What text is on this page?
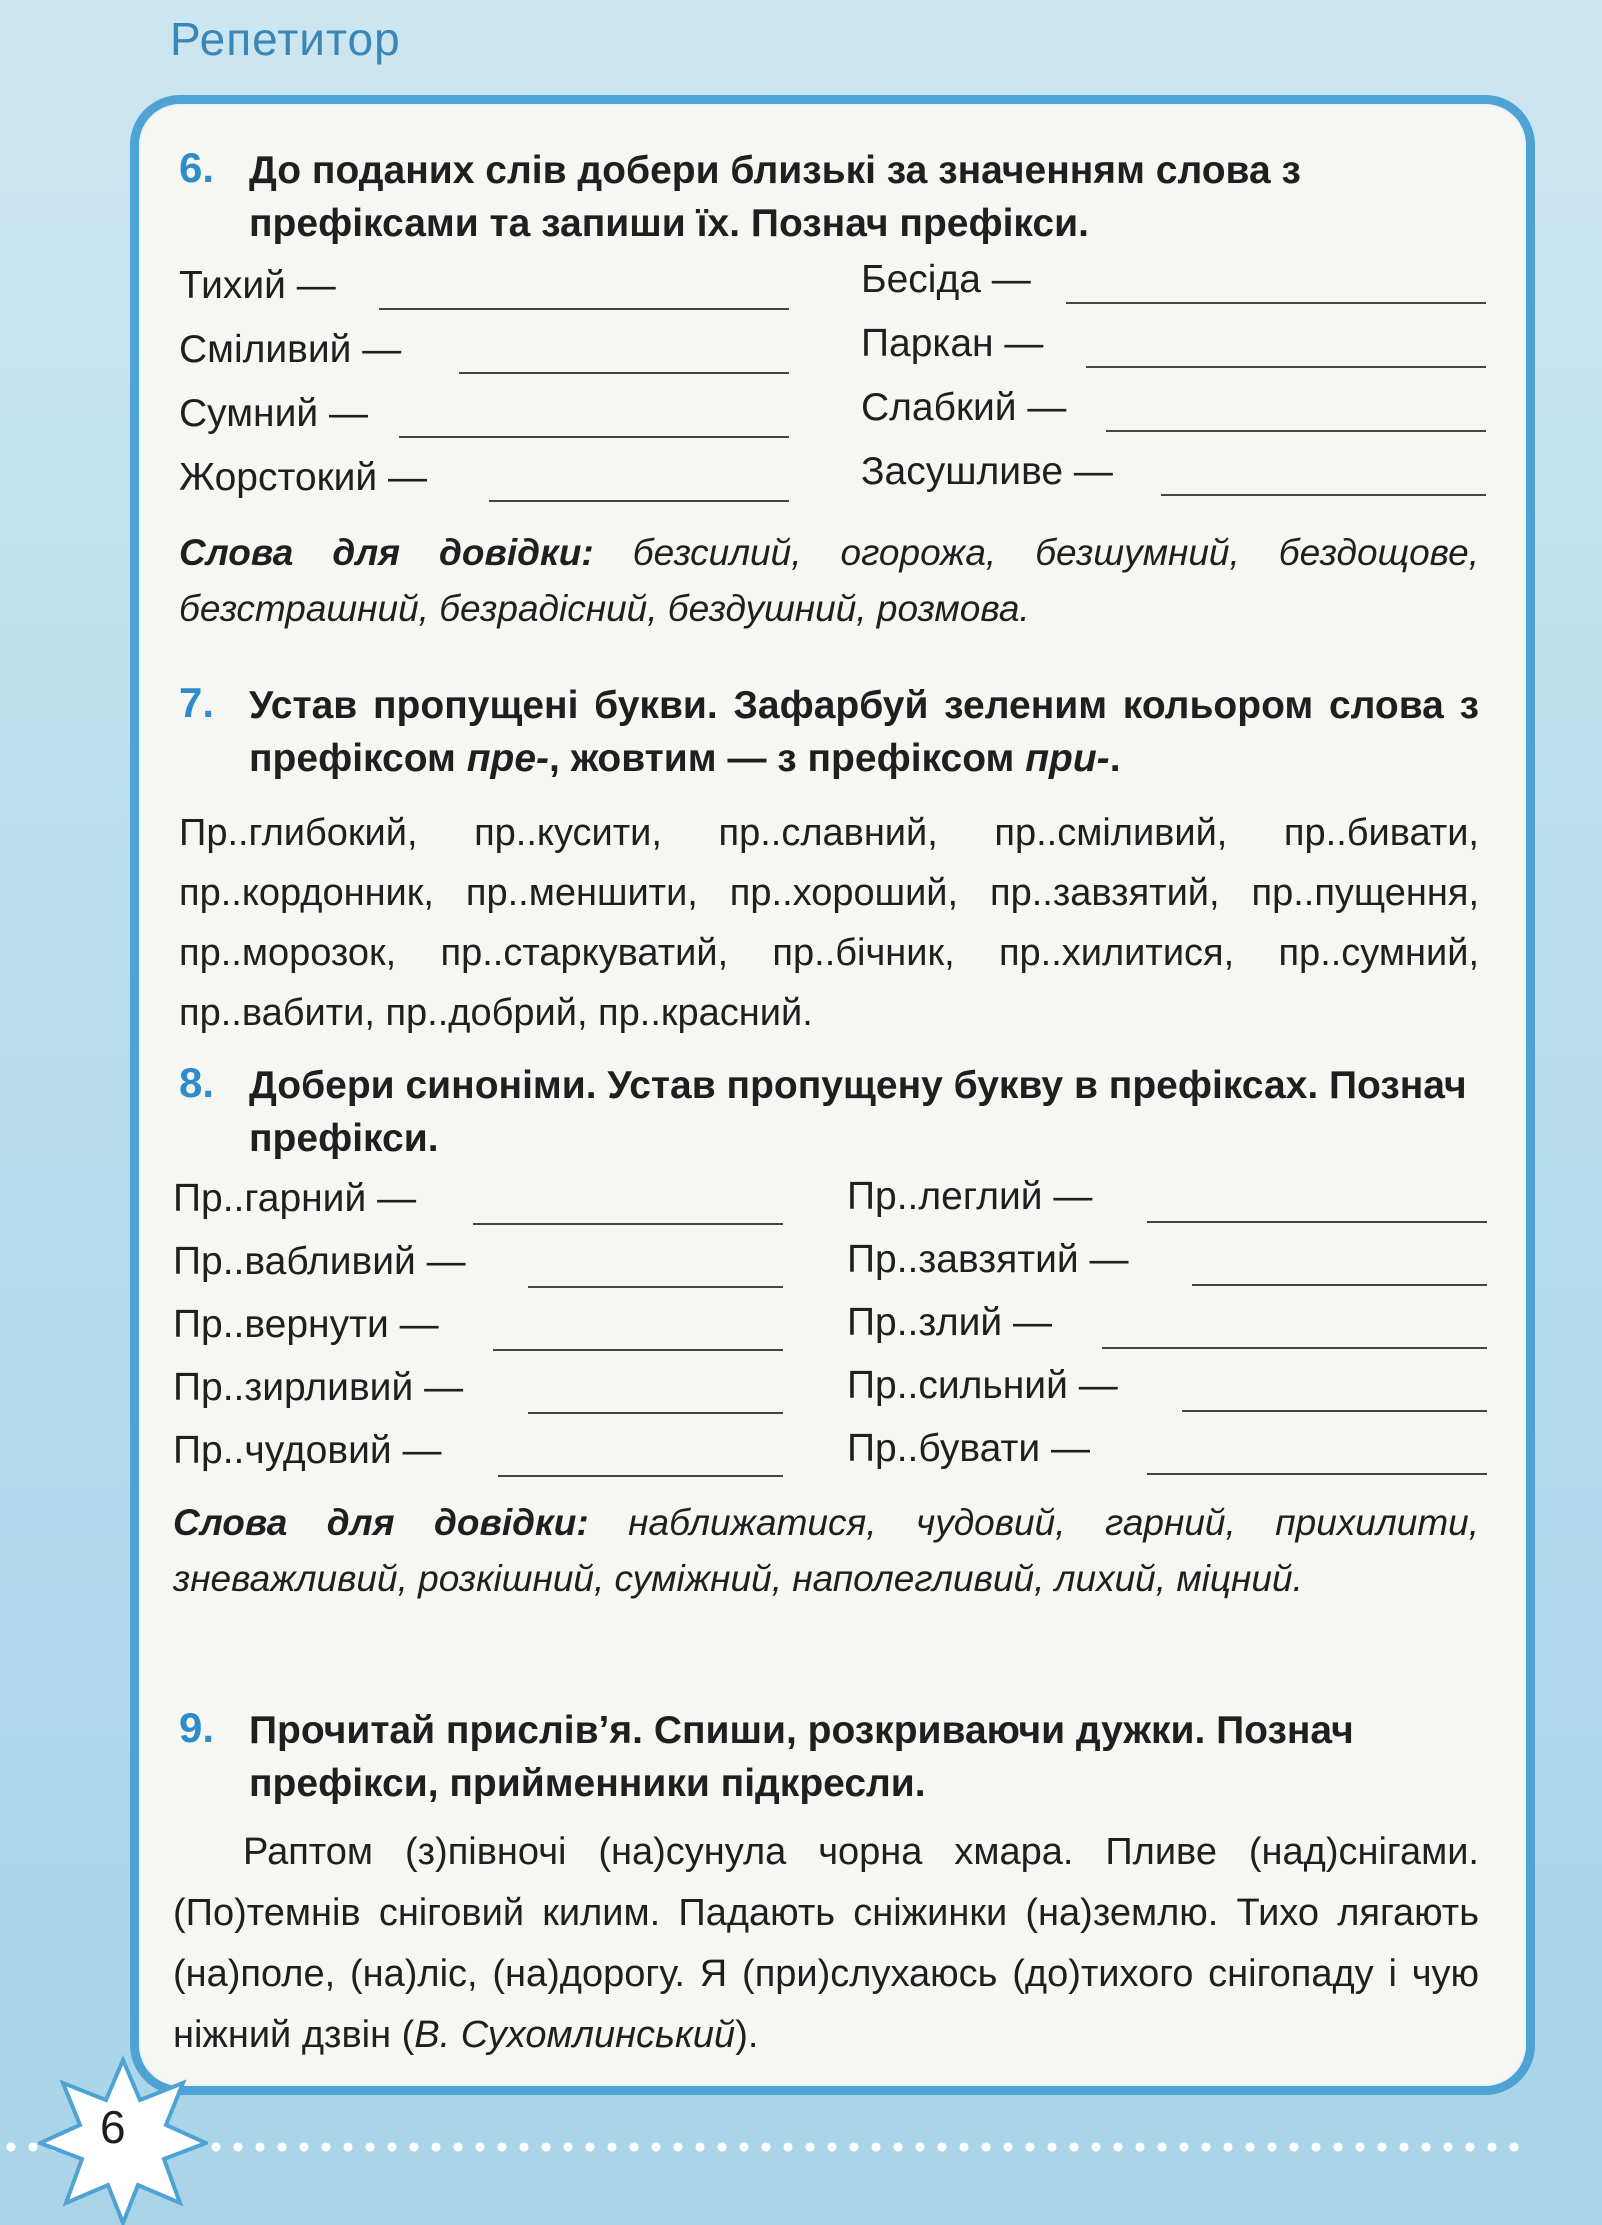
Репетитор
6. До поданих слів добери близькі за значенням слова з префіксами та запиши їх. Познач префікси.
Тихий —
Сміливий —
Сумний —
Жорстокий —
Бесіда —
Паркан —
Слабкий —
Засушливе —
Слова для довідки: безсилий, огорожа, безшумний, бездощове, безстрашний, безрадісний, бездушний, розмова.
7. Устав пропущені букви. Зафарбуй зеленим кольором слова з префіксом пре-, жовтим — з префіксом при-.
Пр..глибокий, пр..кусити, пр..славний, пр..сміливий, пр..бивати, пр..кордонник, пр..меншити, пр..хороший, пр..завзятий, пр..пущення, пр..морозок, пр..старкуватий, пр..бічник, пр..хилитися, пр..сумний, пр..вабити, пр..добрий, пр..красний.
8. Добери синоніми. Устав пропущену букву в префіксах. Познач префікси.
Пр..гарний —
Пр..вабливий —
Пр..вернути —
Пр..зирливий —
Пр..чудовий —
Пр..леглий —
Пр..завзятий —
Пр..злий —
Пр..сильний —
Пр..бувати —
Слова для довідки: наближатися, чудовий, гарний, прихилити, зневажливий, розкішний, суміжний, наполегливий, лихий, міцний.
9. Прочитай прислів’я. Спиши, розкриваючи дужки. Познач префікси, прийменники підкресли.
Раптом (з)півночі (на)сунула чорна хмара. Пливе (над)снігами. (По)темнів сніговий килим. Падають сніжинки (на)землю. Тихо лягають (на)поле, (на)ліс, (на)дорогу. Я (при)слухаюсь (до)тихого снігопаду і чую ніжний дзвін (В. Сухомлинський).
6
